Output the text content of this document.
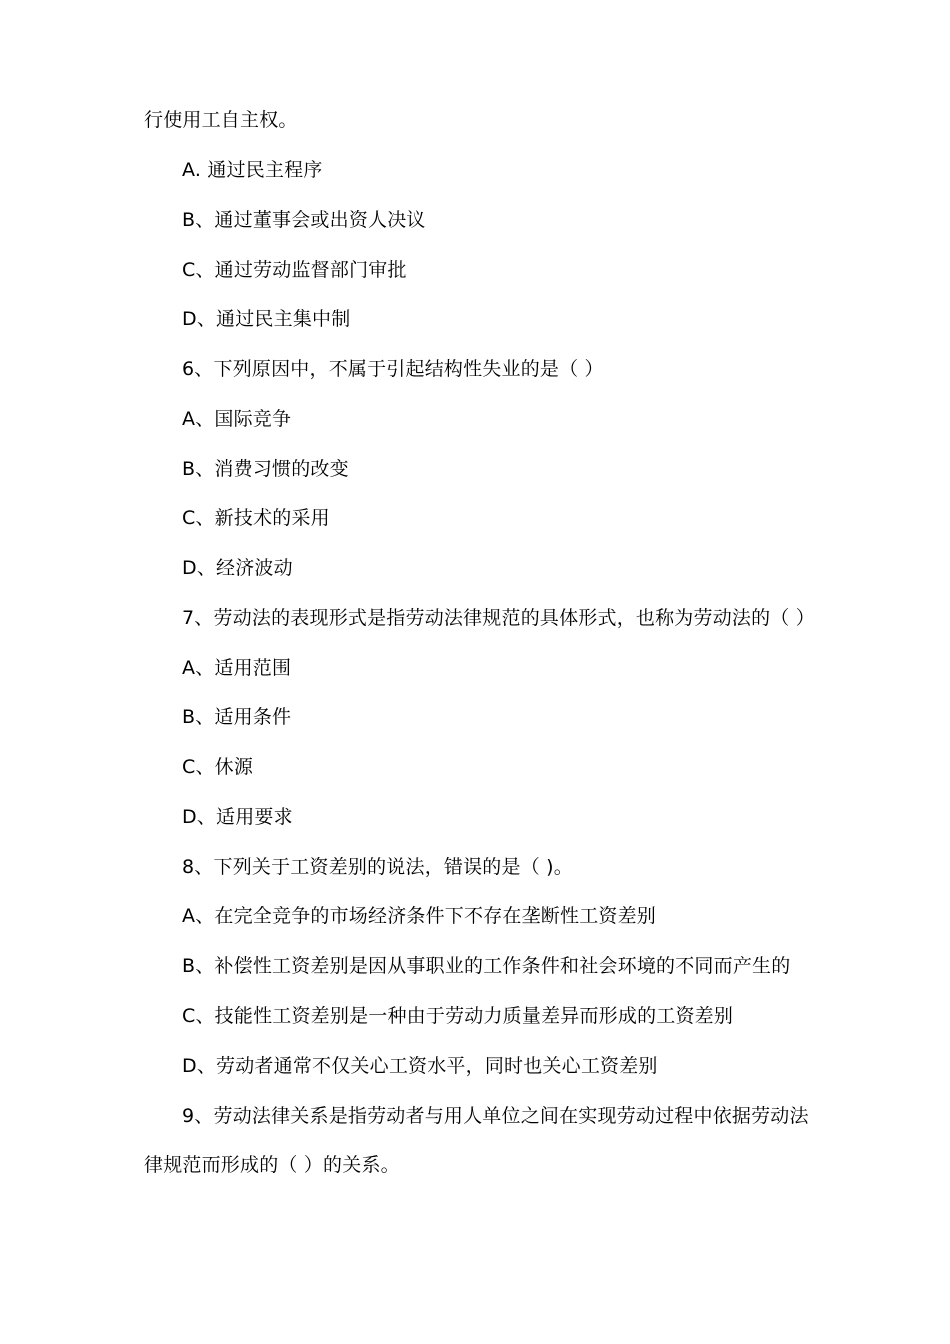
行使用工自主权。
A. 通过民主程序
B、通过董事会或出资人决议
C、通过劳动监督部门审批
D、通过民主集中制
6、下列原因中，不属于引起结构性失业的是（ ）
A、国际竞争
B、消费习惯的改变
C、新技术的采用
D、经济波动
7、劳动法的表现形式是指劳动法律规范的具体形式，也称为劳动法的（ ）
A、适用范围
B、适用条件
C、休源
D、适用要求
8、下列关于工资差别的说法，错误的是（ )。
A、在完全竞争的市场经济条件下不存在垄断性工资差别
B、补偿性工资差别是因从事职业的工作条件和社会环境的不同而产生的
C、技能性工资差别是一种由于劳动力质量差异而形成的工资差别
D、劳动者通常不仅关心工资水平，同时也关心工资差别
9、劳动法律关系是指劳动者与用人单位之间在实现劳动过程中依据劳动法
律规范而形成的（ ）的关系。
